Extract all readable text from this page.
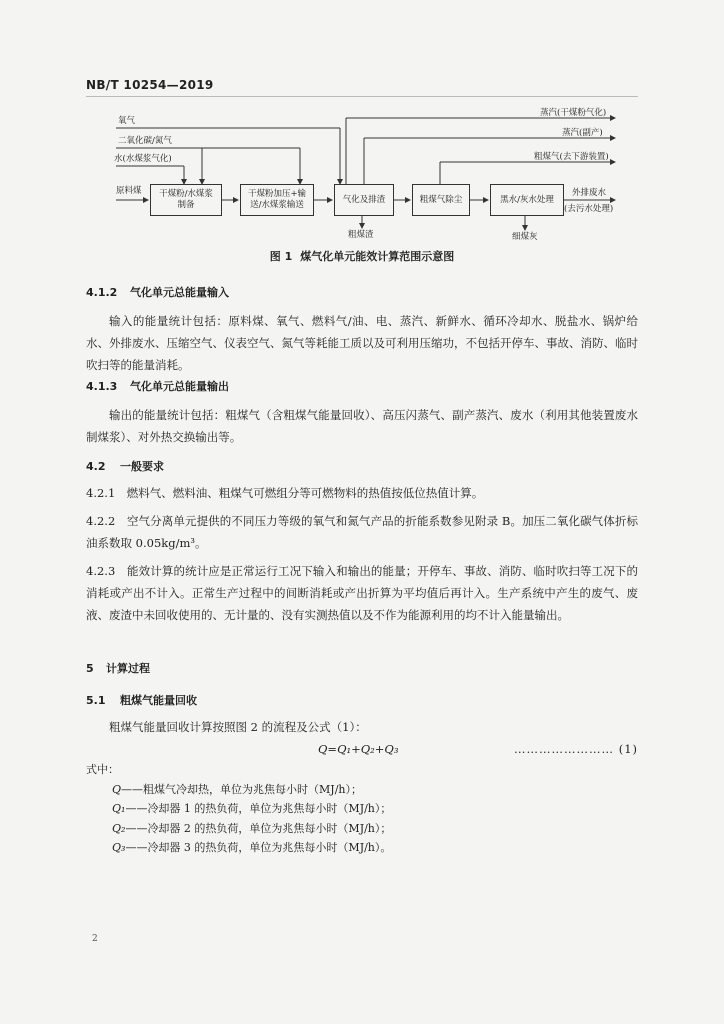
NB/T 10254—2019
氧气
二氧化碳/氮气
水(水煤浆气化)
原料煤 干煤粉/水煤浆
制备
干煤粉加压+输
送/水煤浆输送
气化及排渣	粗煤气除尘	黑水/灰水处理
蒸汽(干煤粉气化)
蒸汽(副产)
粗煤气(去下游装置)
外排废水
(去污水处理)
粗煤渣	细煤灰
图 1 煤气化单元能效计算范围示意图
4.1.2 气化单元总能量输入
输入的能量统计包括：原料煤、氧气、燃料气/油、电、蒸汽、新鲜水、循环冷却水、脱盐水、锅炉给水、外排废水、压缩空气、仪表空气、氮气等耗能工质以及可利用压缩功，不包括开停车、事故、消防、临时吹扫等的能量消耗。
4.1.3 气化单元总能量输出
输出的能量统计包括：粗煤气（含粗煤气能量回收）、高压闪蒸气、副产蒸汽、废水（利用其他装置废水制煤浆）、对外热交换输出等。
4.2 一般要求
4.2.1　燃料气、燃料油、粗煤气可燃组分等可燃物料的热值按低位热值计算。
4.2.2　空气分离单元提供的不同压力等级的氧气和氮气产品的折能系数参见附录 B。加压二氧化碳气体折标油系数取 0.05kg/m³。
4.2.3　能效计算的统计应是正常运行工况下输入和输出的能量；开停车、事故、消防、临时吹扫等工况下的消耗或产出不计入。正常生产过程中的间断消耗或产出折算为平均值后再计入。生产系统中产生的废气、废液、废渣中未回收使用的、无计量的、没有实测热值以及不作为能源利用的均不计入能量输出。
5 计算过程
5.1 粗煤气能量回收
粗煤气能量回收计算按照图 2 的流程及公式（1）：
Q=Q₁+Q₂+Q₃	…………………… (1)
式中：
Q——粗煤气冷却热，单位为兆焦每小时（MJ/h）；
Q₁——冷却器 1 的热负荷，单位为兆焦每小时（MJ/h）；
Q₂——冷却器 2 的热负荷，单位为兆焦每小时（MJ/h）；
Q₃——冷却器 3 的热负荷，单位为兆焦每小时（MJ/h）。
2
